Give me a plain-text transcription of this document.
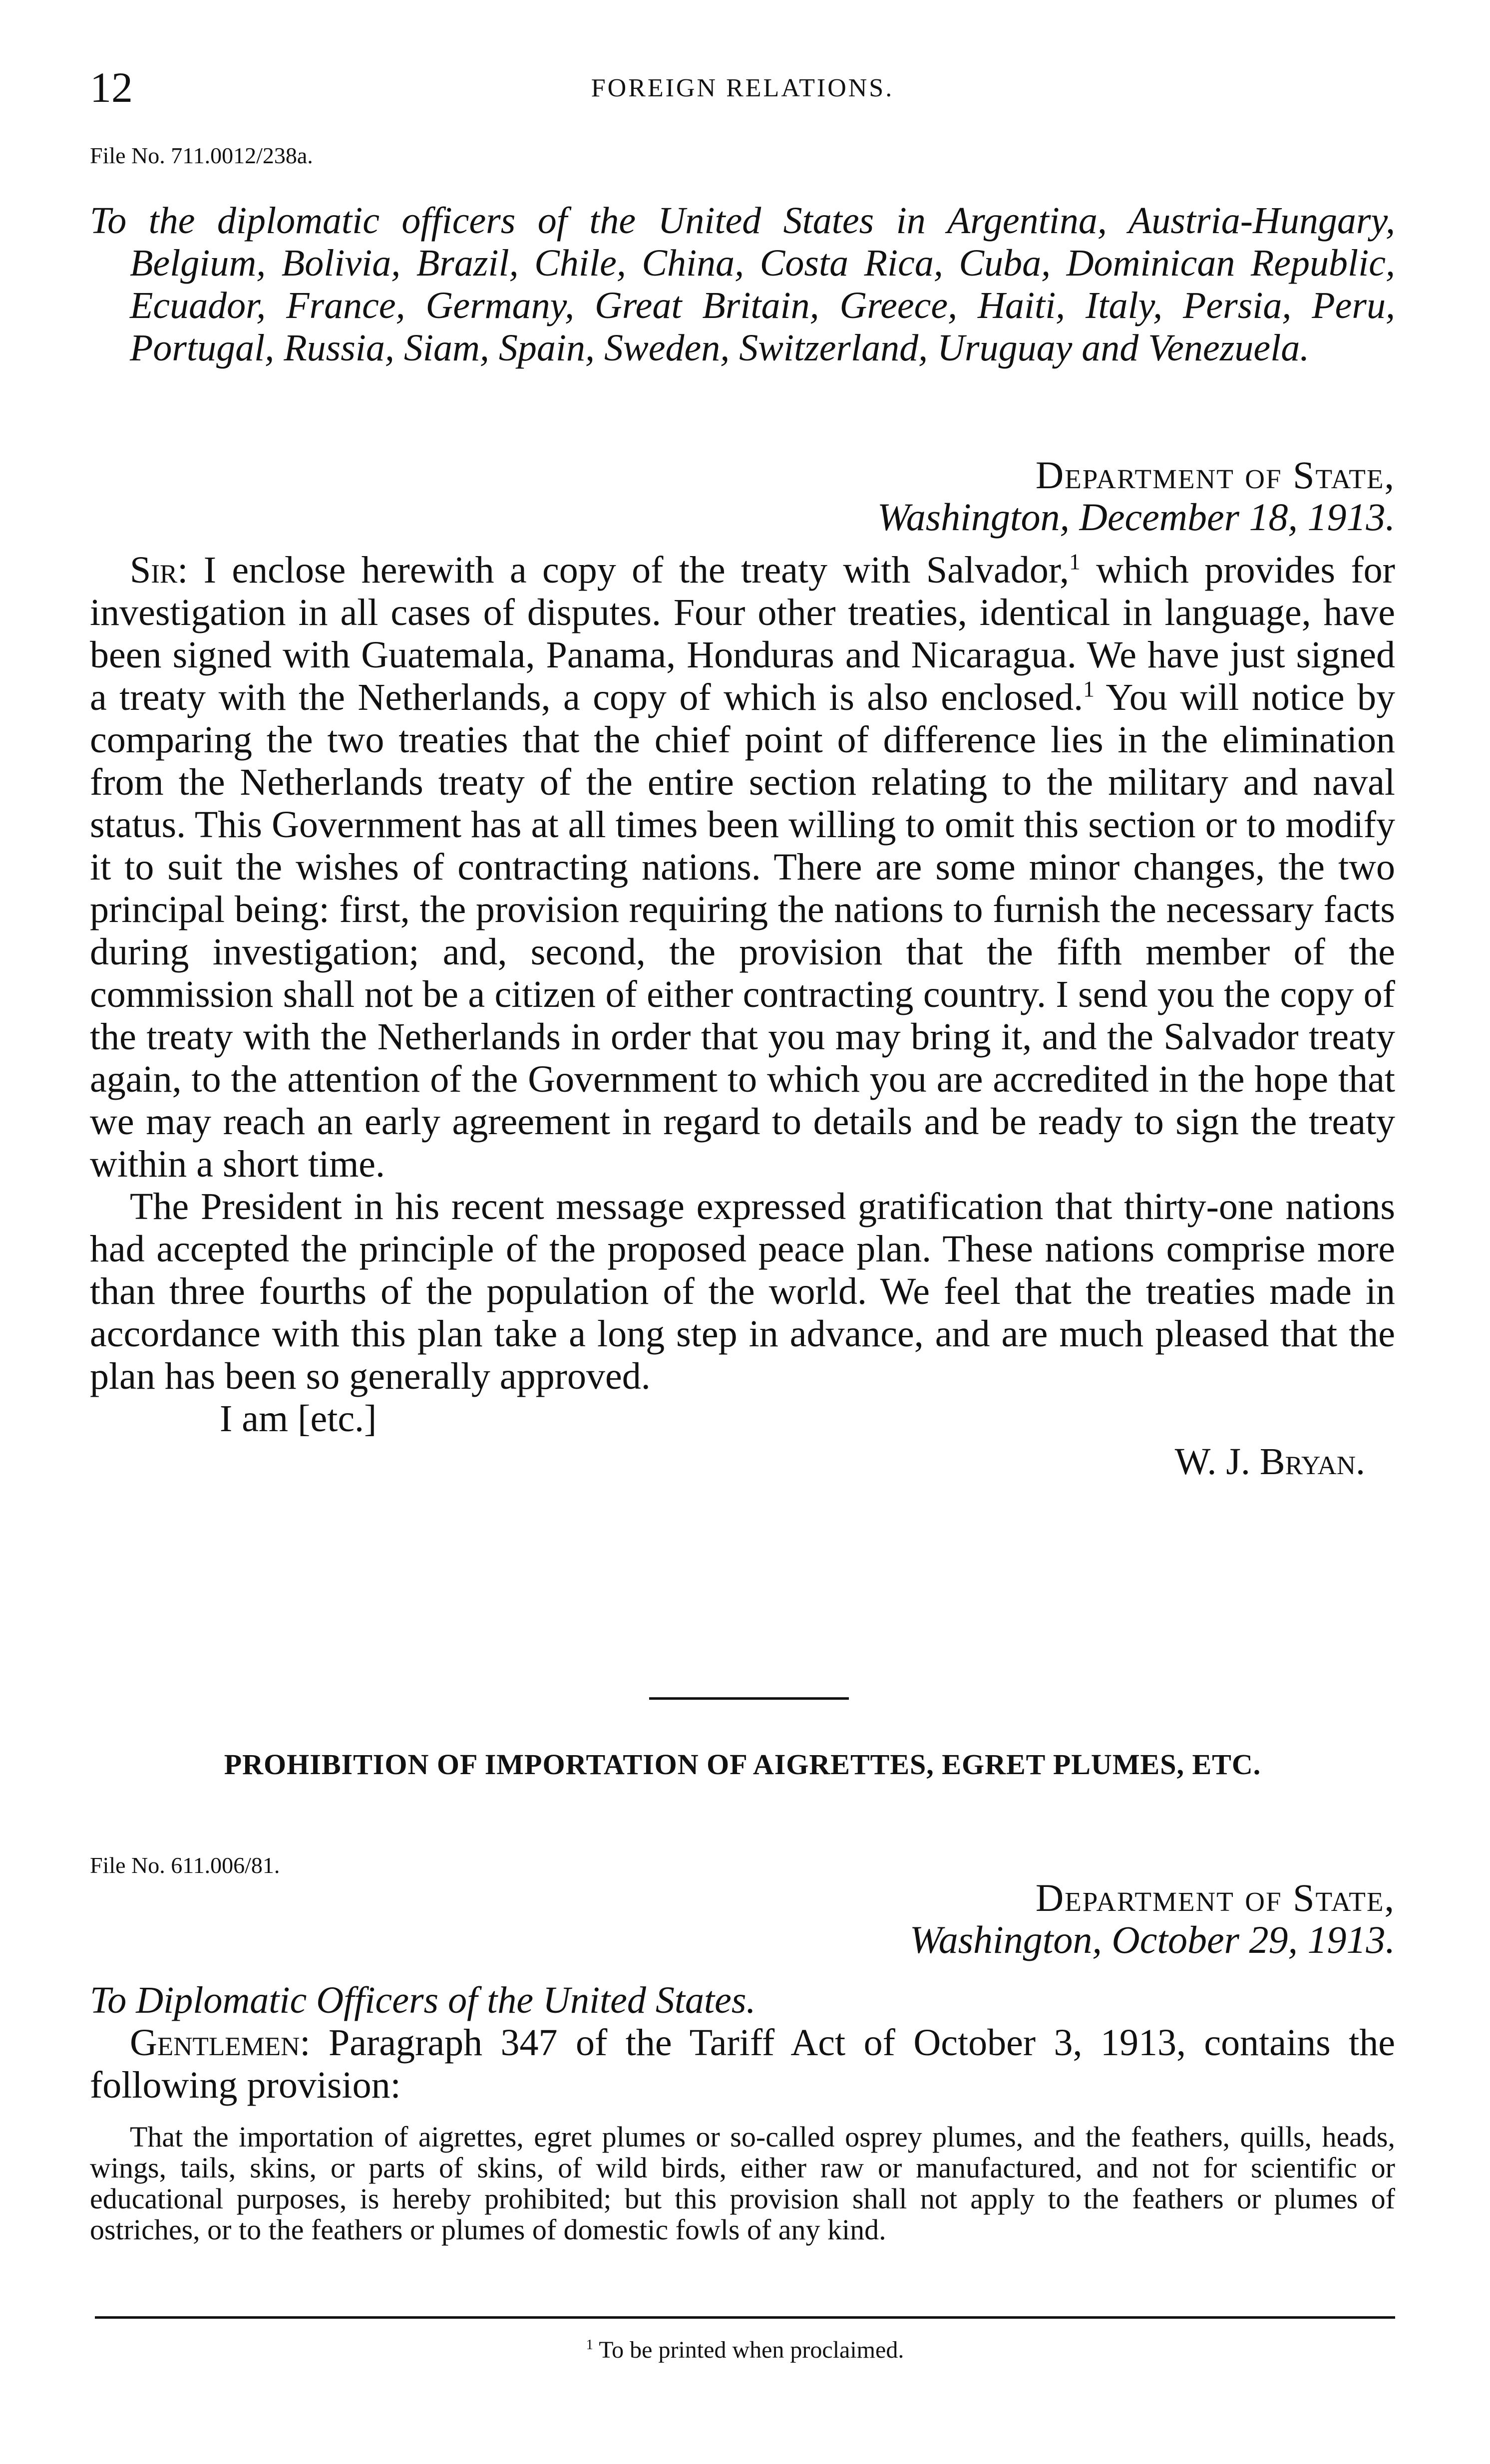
12	FOREIGN RELATIONS.
File No. 711.0012/238a.
To the diplomatic officers of the United States in Argentina, Austria-Hungary, Belgium, Bolivia, Brazil, Chile, China, Costa Rica, Cuba, Dominican Republic, Ecuador, France, Germany, Great Britain, Greece, Haiti, Italy, Persia, Peru, Portugal, Russia, Siam, Spain, Sweden, Switzerland, Uruguay and Venezuela.
Department of State,
Washington, December 18, 1913.

Sir: I enclose herewith a copy of the treaty with Salvador,$^1$ which provides for investigation in all cases of disputes. Four other treaties, identical in language, have been signed with Guatemala, Panama, Honduras and Nicaragua. We have just signed a treaty with the Netherlands, a copy of which is also enclosed.$^1$ You will notice by comparing the two treaties that the chief point of difference lies in the elimination from the Netherlands treaty of the entire section relating to the military and naval status. This Government has at all times been willing to omit this section or to modify it to suit the wishes of contracting nations. There are some minor changes, the two principal being: first, the provision requiring the nations to furnish the necessary facts during investigation; and, second, the provision that the fifth member of the commission shall not be a citizen of either contracting country. I send you the copy of the treaty with the Netherlands in order that you may bring it, and the Salvador treaty again, to the attention of the Government to which you are accredited in the hope that we may reach an early agreement in regard to details and be ready to sign the treaty within a short time.

The President in his recent message expressed gratification that thirty-one nations had accepted the principle of the proposed peace plan. These nations comprise more than three fourths of the population of the world. We feel that the treaties made in accordance with this plan take a long step in advance, and are much pleased that the plan has been so generally approved.

I am [etc.]
W. J. Bryan.
PROHIBITION OF IMPORTATION OF AIGRETTES, EGRET PLUMES, ETC.
File No. 611.006/81.
Department of State,
Washington, October 29, 1913.
To Diplomatic Officers of the United States.

Gentlemen: Paragraph 347 of the Tariff Act of October 3, 1913, contains the following provision:

That the importation of aigrettes, egret plumes or so-called osprey plumes, and the feathers, quills, heads, wings, tails, skins, or parts of skins, of wild birds, either raw or manufactured, and not for scientific or educational purposes, is hereby prohibited; but this provision shall not apply to the feathers or plumes of ostriches, or to the feathers or plumes of domestic fowls of any kind.

$^1$ To be printed when proclaimed.
